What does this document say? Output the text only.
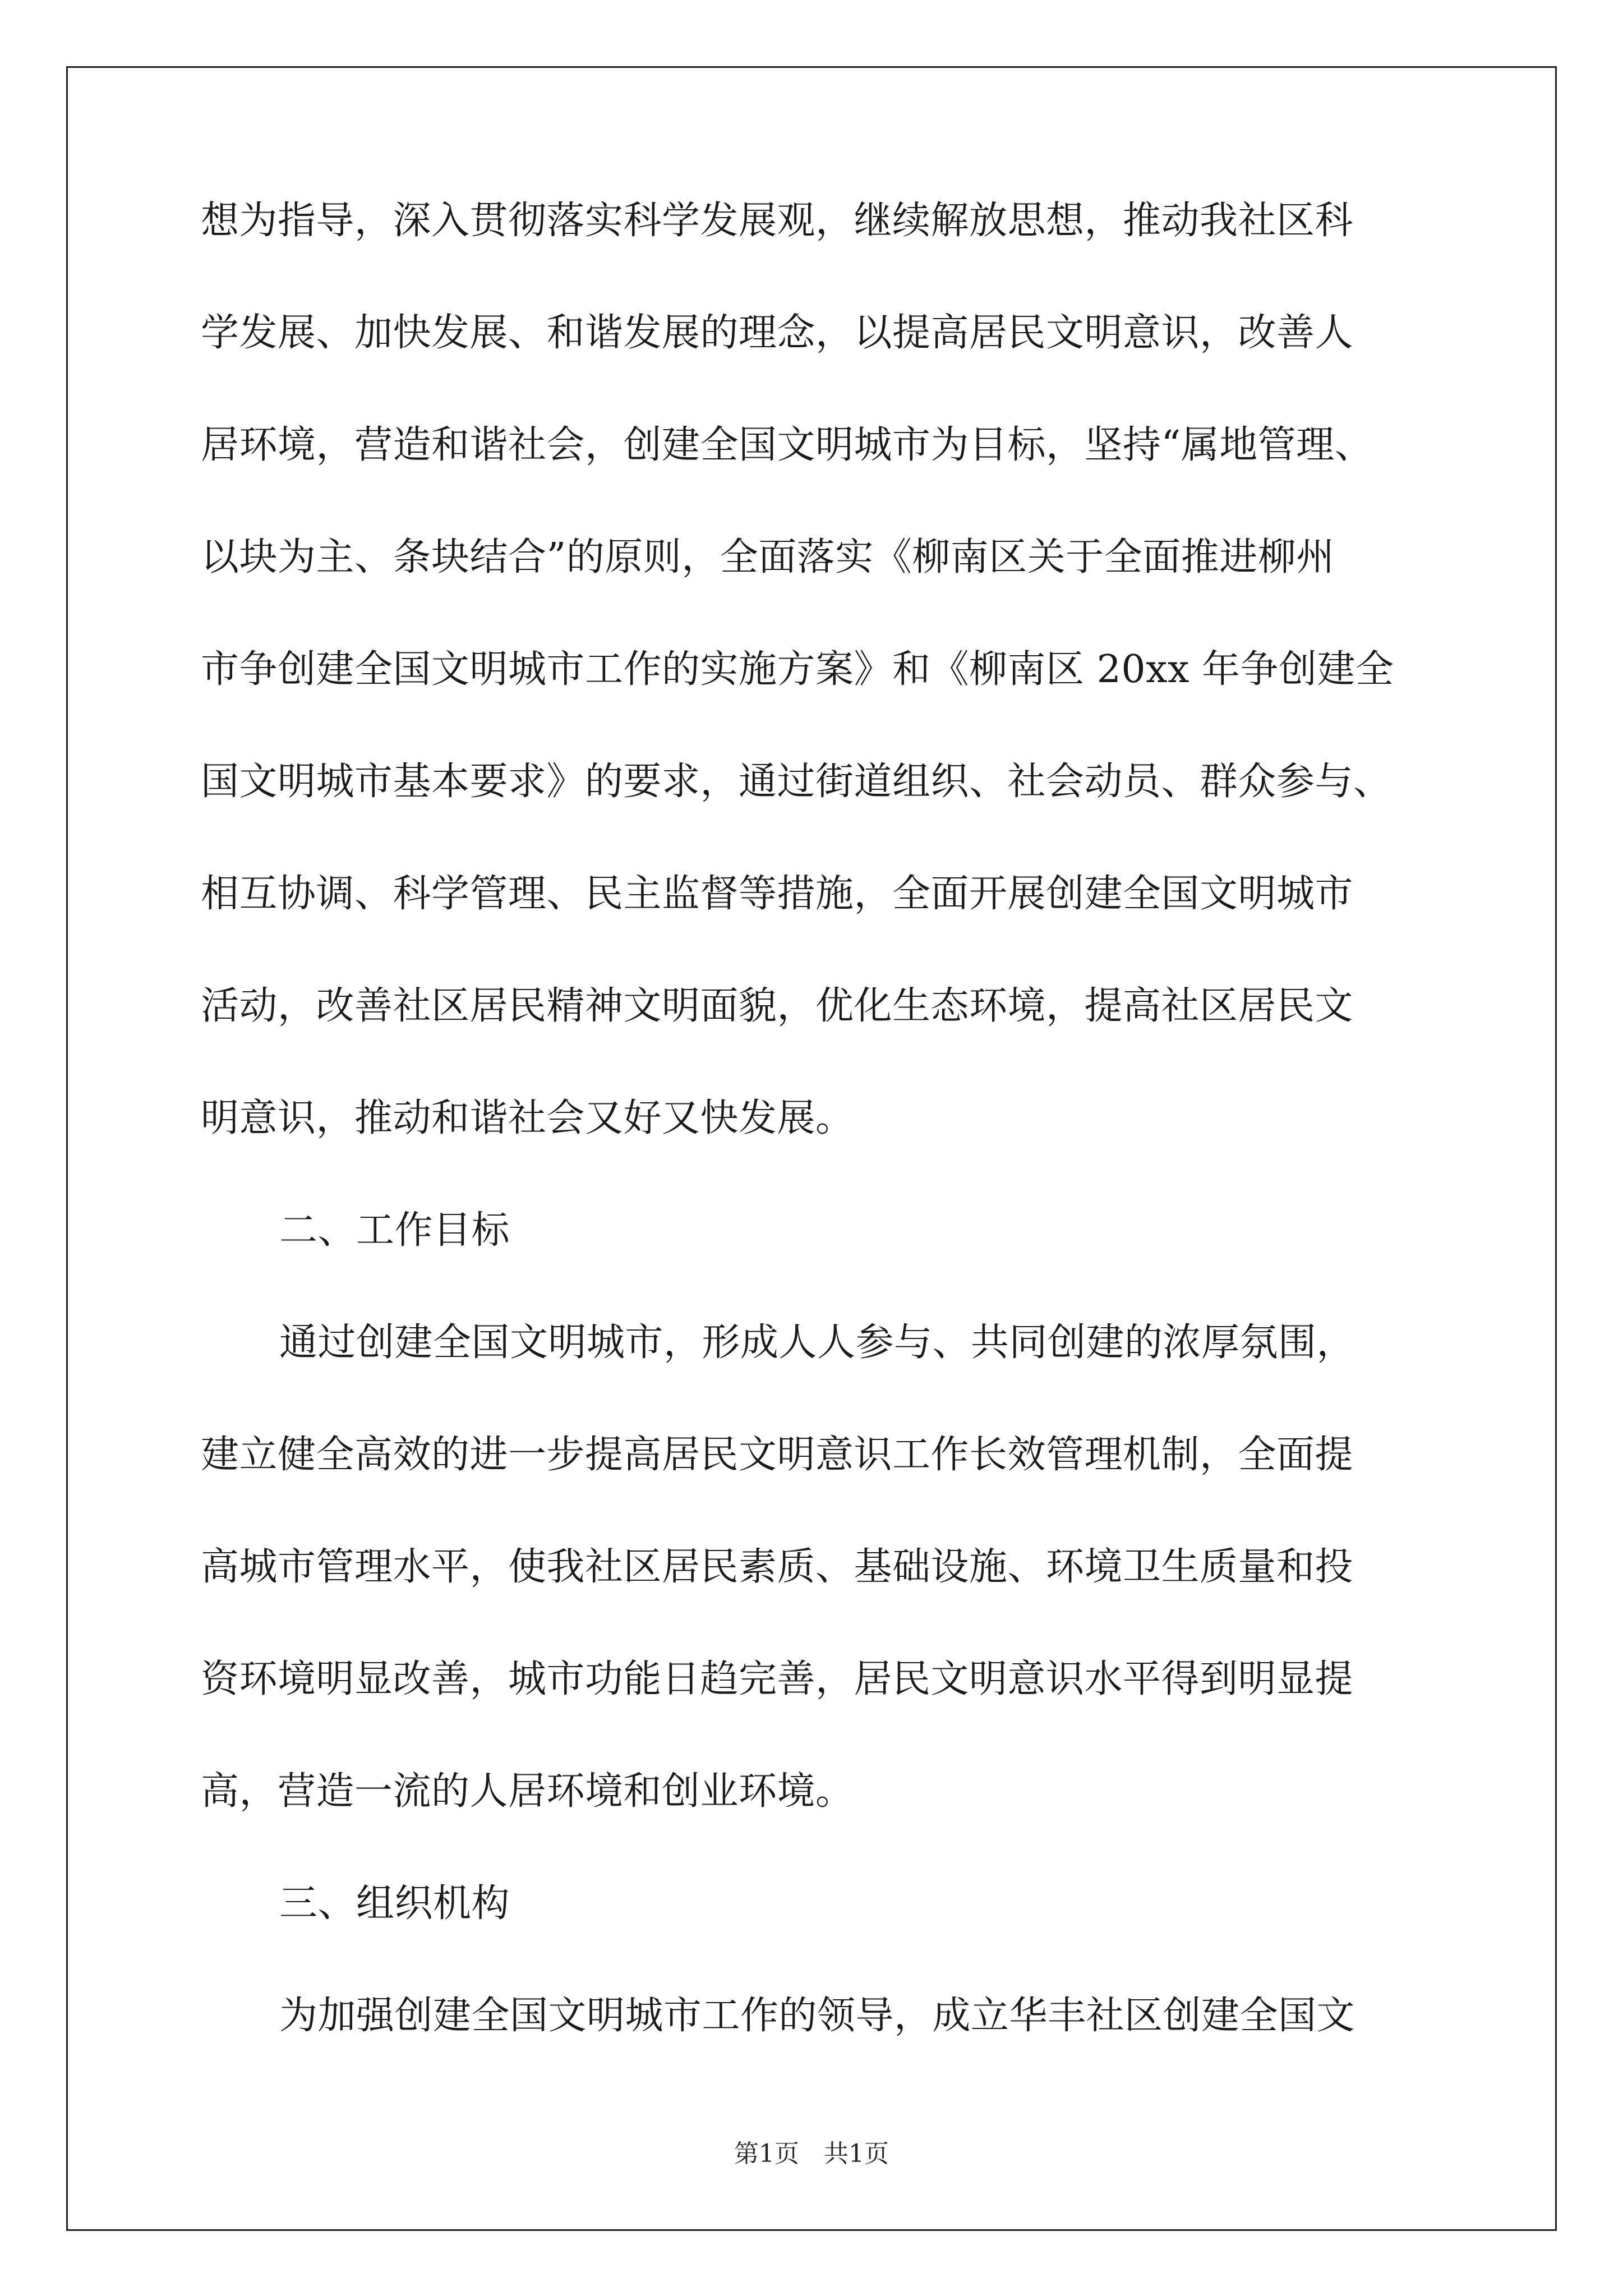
想为指导，深入贯彻落实科学发展观，继续解放思想，推动我社区科
学发展、加快发展、和谐发展的理念，以提高居民文明意识，改善人
居环境，营造和谐社会，创建全国文明城市为目标，坚持“属地管理、
以块为主、条块结合”的原则，全面落实《柳南区关于全面推进柳州
市争创建全国文明城市工作的实施方案》和《柳南区 20xx 年争创建全
国文明城市基本要求》的要求，通过街道组织、社会动员、群众参与、
相互协调、科学管理、民主监督等措施，全面开展创建全国文明城市
活动，改善社区居民精神文明面貌，优化生态环境，提高社区居民文
明意识，推动和谐社会又好又快发展。
二、工作目标
通过创建全国文明城市，形成人人参与、共同创建的浓厚氛围，
建立健全高效的进一步提高居民文明意识工作长效管理机制，全面提
高城市管理水平，使我社区居民素质、基础设施、环境卫生质量和投
资环境明显改善，城市功能日趋完善，居民文明意识水平得到明显提
高，营造一流的人居环境和创业环境。
三、组织机构
为加强创建全国文明城市工作的领导，成立华丰社区创建全国文
第1页　共1页
